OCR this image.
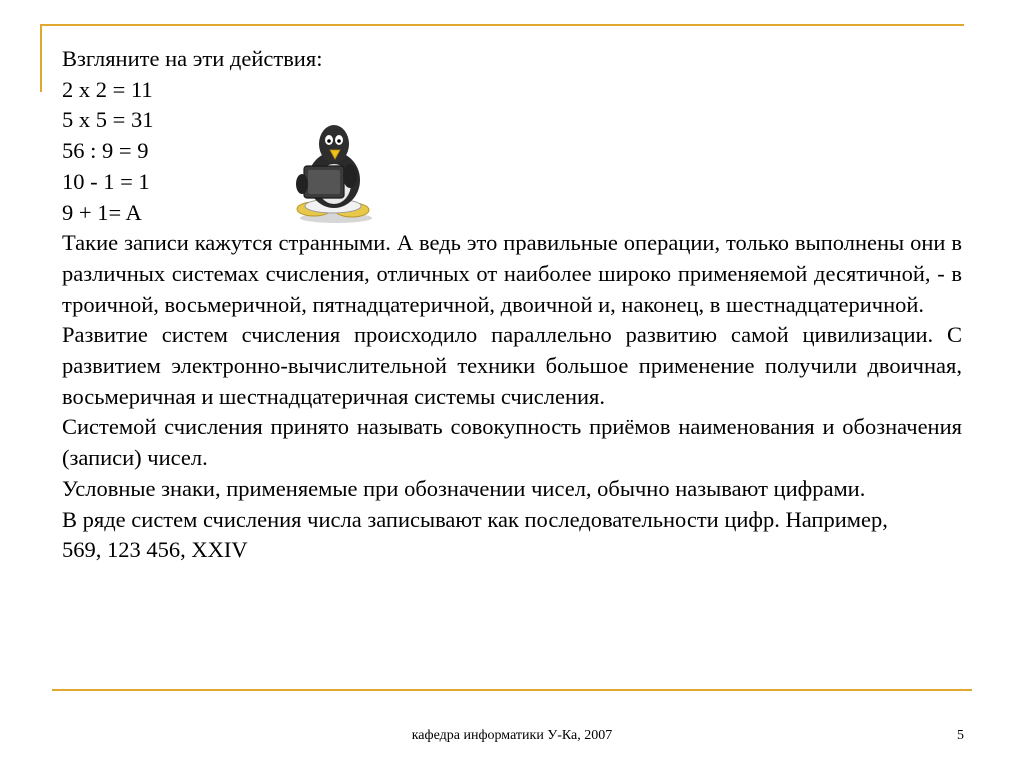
Взгляните на эти действия:
2 x 2 = 11
5 x 5 = 31
56 : 9 = 9
10 - 1 = 1
9 + 1= A

Такие записи кажутся странными. А ведь это правильные операции, только выполнены они в различных системах счисления, отличных от наиболее широко применяемой десятичной, - в троичной, восьмеричной, пятнадцатеричной, двоичной и, наконец, в шестнадцатеричной.

Развитие систем счисления происходило параллельно развитию самой цивилизации. С развитием электронно-вычислительной техники большое применение получили двоичная, восьмеричная и шестнадцатеричная системы счисления.

Системой счисления принято называть совокупность приёмов наименования и обозначения (записи) чисел.

Условные знаки, применяемые при обозначении чисел, обычно называют цифрами.

В ряде систем счисления числа записывают как последовательности цифр. Например,

569, 123 456, XXIV
кафедра информатики У-Ка, 2007	5
